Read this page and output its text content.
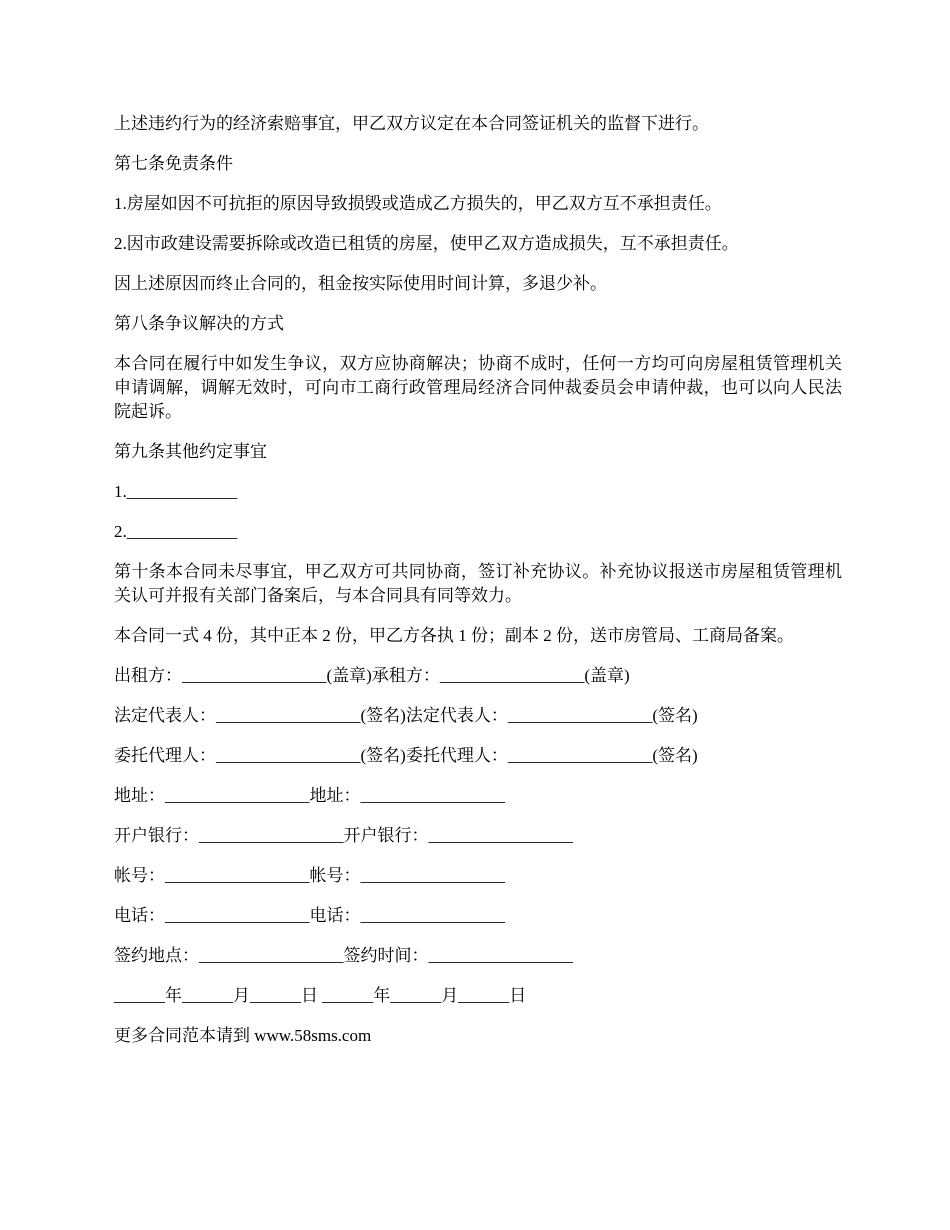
上述违约行为的经济索赔事宜，甲乙双方议定在本合同签证机关的监督下进行。

第七条免责条件

1.房屋如因不可抗拒的原因导致损毁或造成乙方损失的，甲乙双方互不承担责任。

2.因市政建设需要拆除或改造已租赁的房屋，使甲乙双方造成损失，互不承担责任。

因上述原因而终止合同的，租金按实际使用时间计算，多退少补。

第八条争议解决的方式

本合同在履行中如发生争议，双方应协商解决；协商不成时，任何一方均可向房屋租赁管理机关申请调解，调解无效时，可向市工商行政管理局经济合同仲裁委员会申请仲裁，也可以向人民法院起诉。

第九条其他约定事宜

1._____________

2._____________

第十条本合同未尽事宜，甲乙双方可共同协商，签订补充协议。补充协议报送市房屋租赁管理机关认可并报有关部门备案后，与本合同具有同等效力。

本合同一式 4 份，其中正本 2 份，甲乙方各执 1 份；副本 2 份，送市房管局、工商局备案。

出租方：_________________(盖章)承租方：_________________(盖章)

法定代表人：_________________(签名)法定代表人：_________________(签名)

委托代理人：_________________(签名)委托代理人：_________________(签名)

地址：_________________地址：_________________

开户银行：_________________开户银行：_________________

帐号：_________________帐号：_________________

电话：_________________电话：_________________

签约地点：_________________签约时间：_________________

______年______月______日 ______年______月______日

更多合同范本请到 www.58sms.com
